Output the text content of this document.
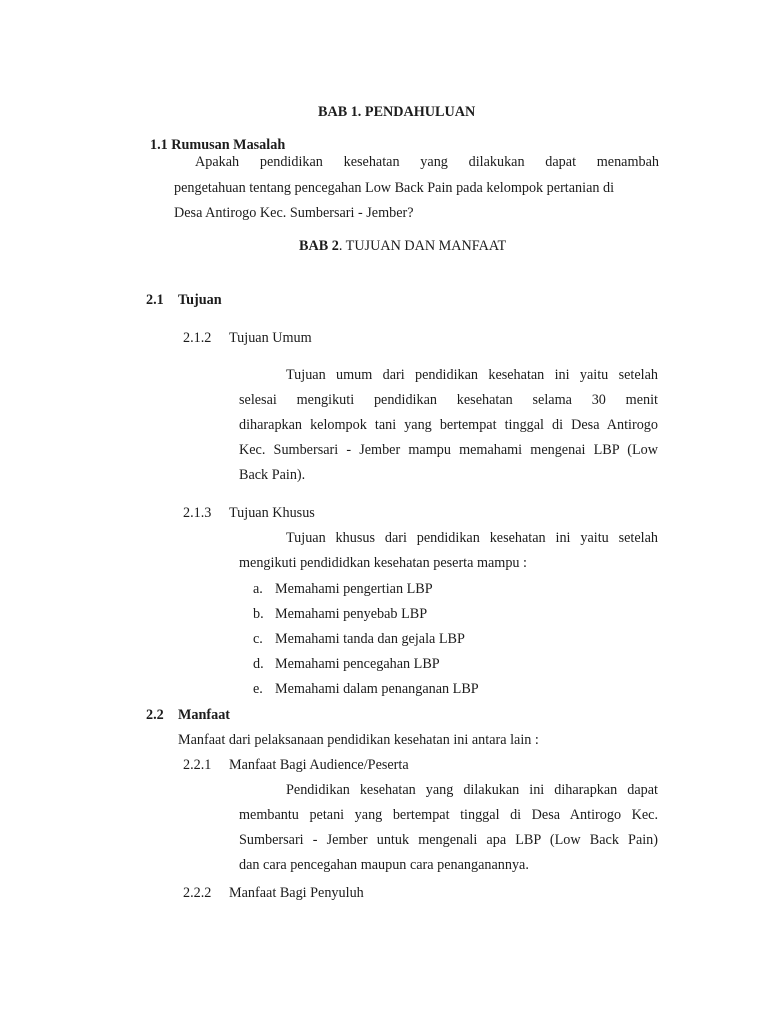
BAB 1. PENDAHULUAN
1.1 Rumusan Masalah
Apakah pendidikan kesehatan yang dilakukan dapat menambah
pengetahuan tentang pencegahan Low Back Pain pada kelompok pertanian di
Desa Antirogo Kec. Sumbersari - Jember?
BAB 2. TUJUAN DAN MANFAAT
2.1 Tujuan
2.1.2 Tujuan Umum
Tujuan umum dari pendidikan kesehatan ini yaitu setelah
selesai mengikuti pendidikan kesehatan selama 30 menit
diharapkan kelompok tani yang bertempat tinggal di Desa Antirogo
Kec. Sumbersari - Jember mampu memahami mengenai LBP (Low
Back Pain).
2.1.3 Tujuan Khusus
Tujuan khusus dari pendidikan kesehatan ini yaitu setelah
mengikuti pendididkan kesehatan peserta mampu :
a. Memahami pengertian LBP
b. Memahami penyebab LBP
c. Memahami tanda dan gejala LBP
d. Memahami pencegahan LBP
e. Memahami dalam penanganan LBP
2.2 Manfaat
Manfaat dari pelaksanaan pendidikan kesehatan ini antara lain :
2.2.1 Manfaat Bagi Audience/Peserta
Pendidikan kesehatan yang dilakukan ini diharapkan dapat
membantu petani yang bertempat tinggal di Desa Antirogo Kec.
Sumbersari - Jember untuk mengenali apa LBP (Low Back Pain)
dan cara pencegahan maupun cara penanganannya.
2.2.2 Manfaat Bagi Penyuluh
